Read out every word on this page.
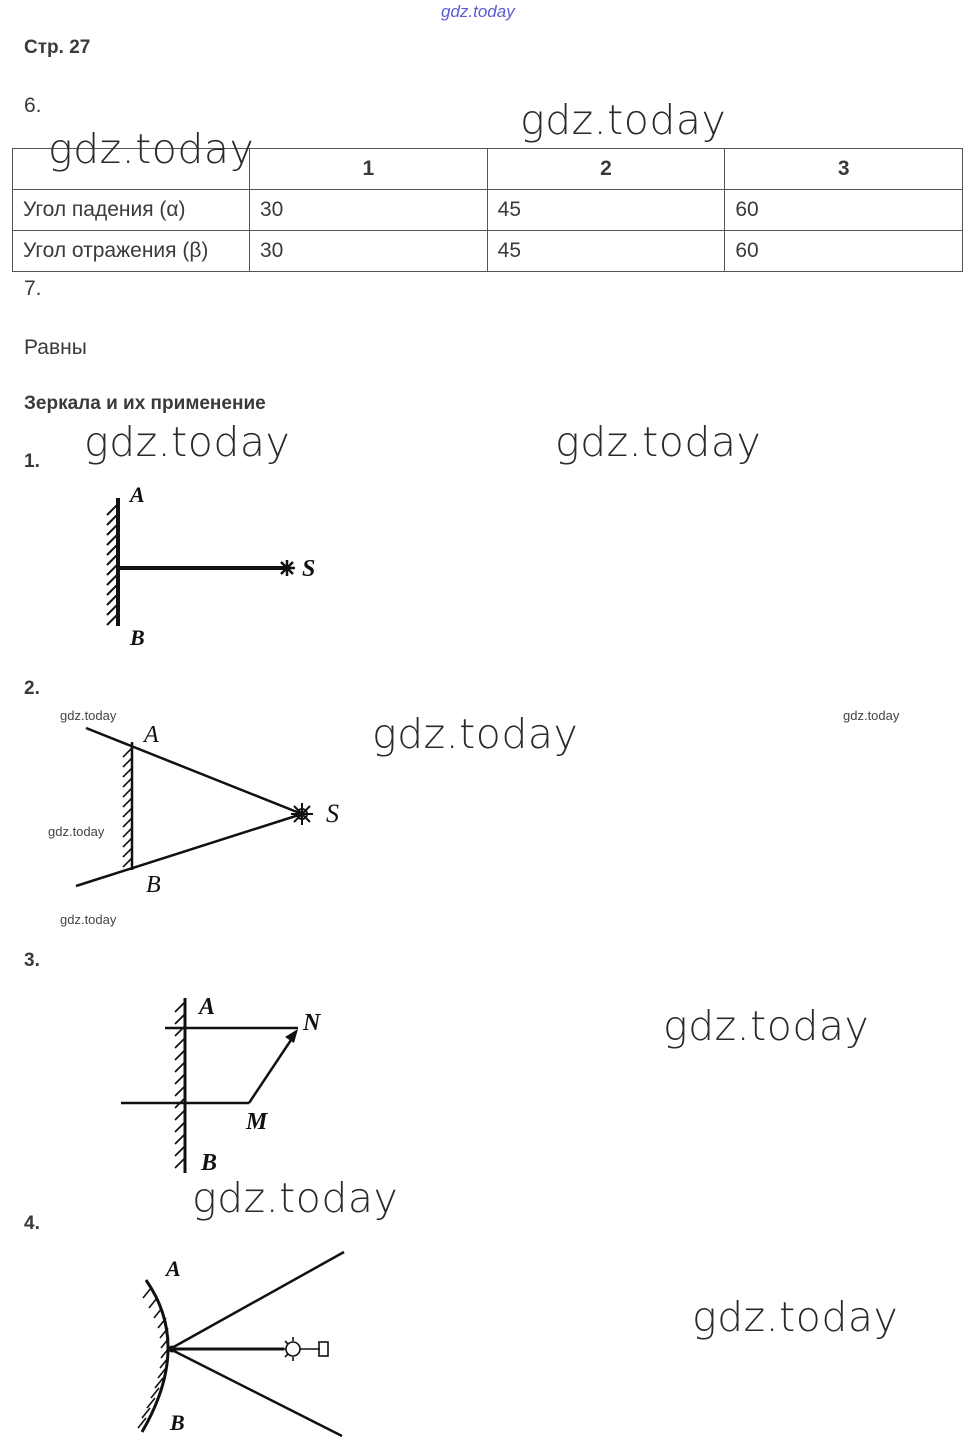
gdz.today
Стр. 27
6.
	1	2	3
Угол падения (α)	30	45	60
Угол отражения (β)	30	45	60
7.
Равны
Зеркала и их применение
1.
2.
3.
4.
A
B
S
A
B
S
A
N
M
B
A
B
gdz.today
gdz.today
gdz.today	gdz.today
gdz.today
gdz.today
gdz.today
gdz.today
gdz.today	gdz.today
gdz.today
gdz.today
